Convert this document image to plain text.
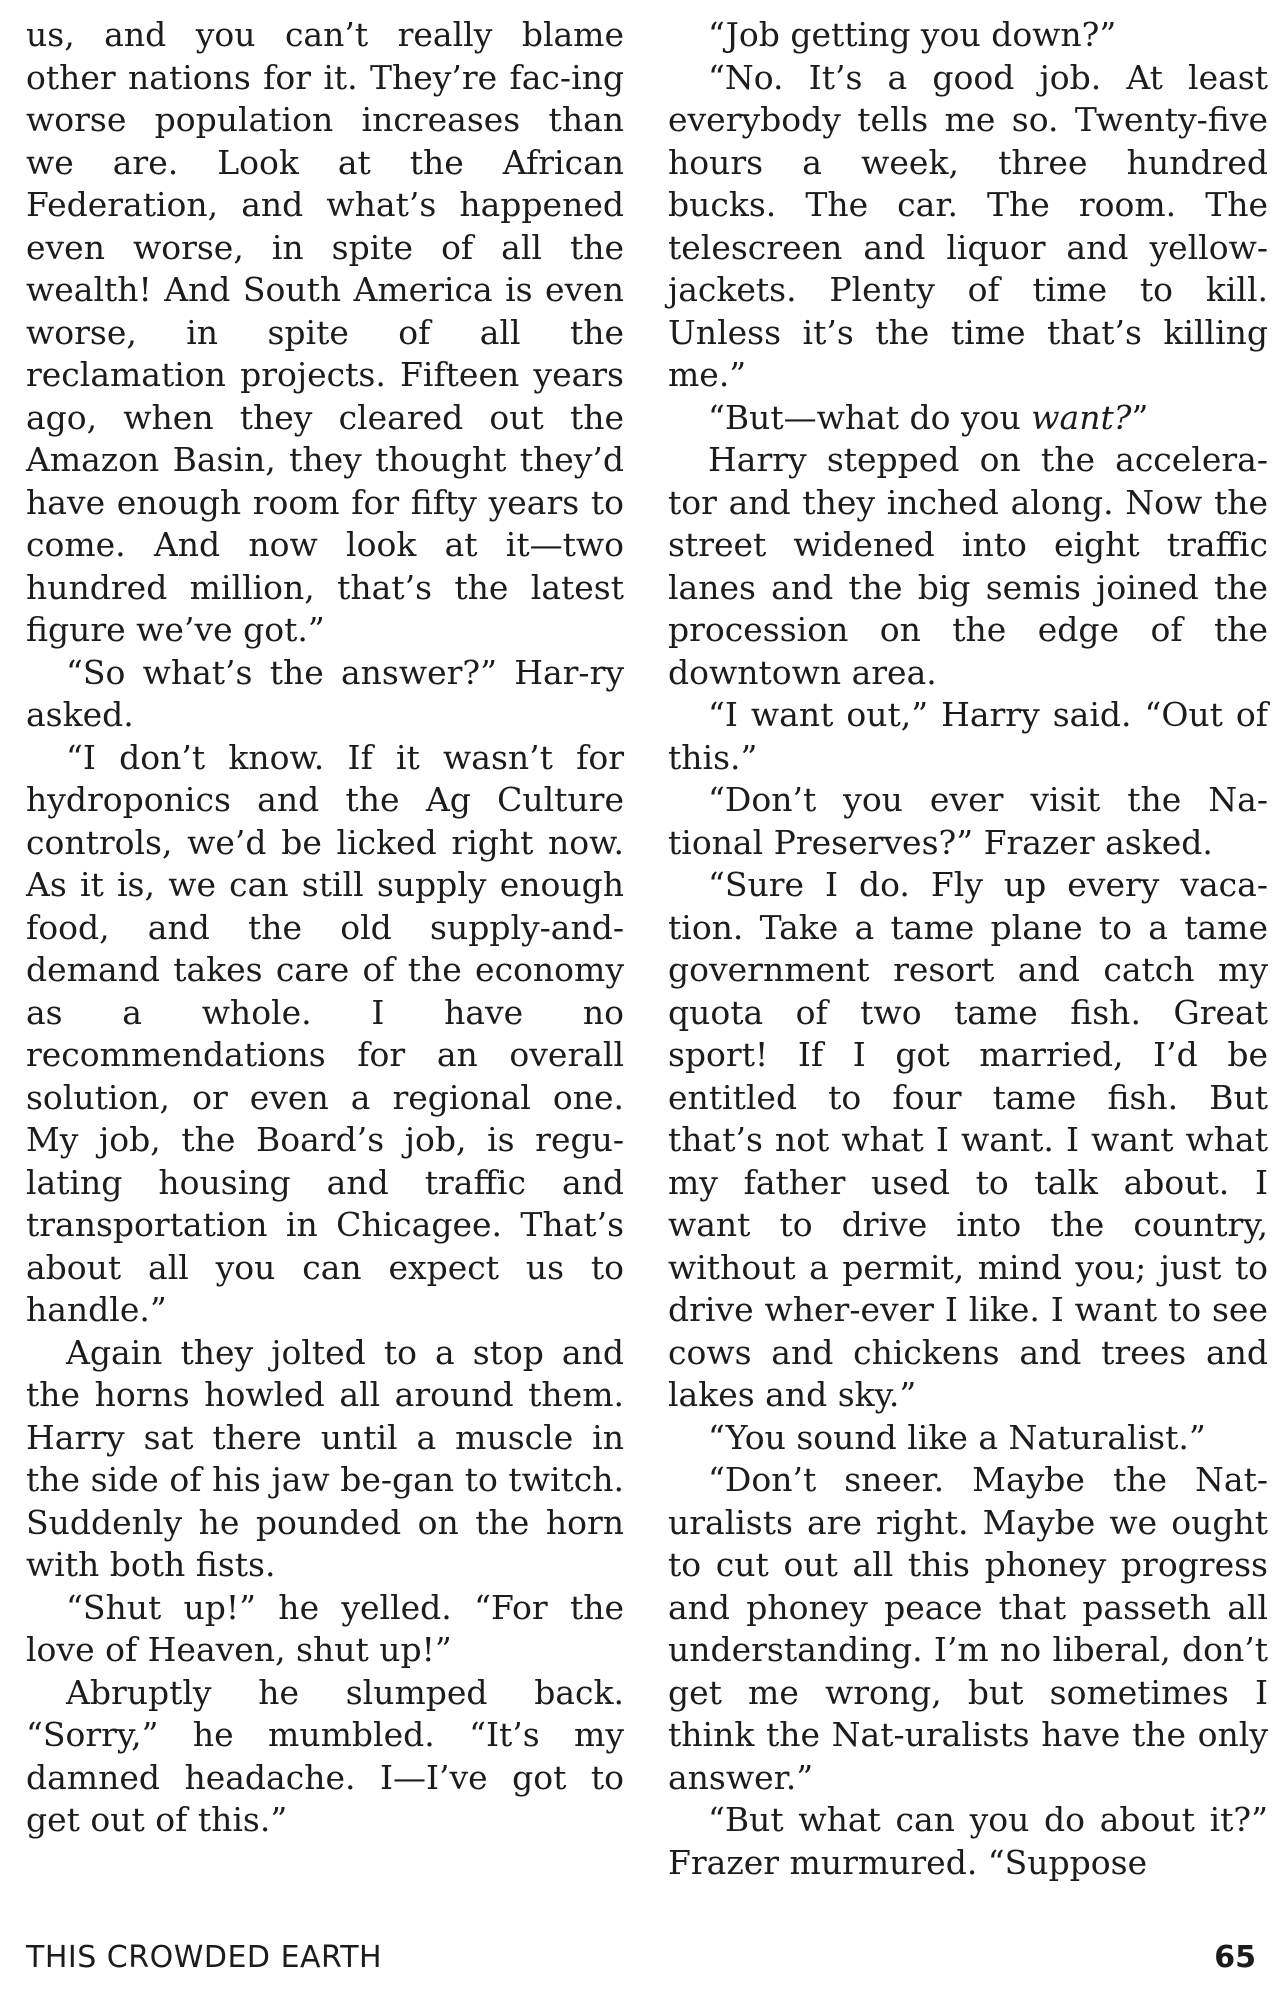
us, and you can’t really blame other nations for it. They’re fac-ing worse population increases than we are. Look at the African Federation, and what’s happened even worse, in spite of all the wealth! And South America is even worse, in spite of all the reclamation projects. Fifteen years ago, when they cleared out the Amazon Basin, they thought they’d have enough room for fifty years to come. And now look at it—two hundred million, that’s the latest figure we’ve got.”

“So what’s the answer?” Har-ry asked.

“I don’t know. If it wasn’t for hydroponics and the Ag Culture controls, we’d be licked right now. As it is, we can still supply enough food, and the old supply-and-demand takes care of the economy as a whole. I have no recommendations for an overall solution, or even a regional one. My job, the Board’s job, is regu-lating housing and traffic and transportation in Chicagee. That’s about all you can expect us to handle.”

Again they jolted to a stop and the horns howled all around them. Harry sat there until a muscle in the side of his jaw be-gan to twitch. Suddenly he pounded on the horn with both fists.

“Shut up!” he yelled. “For the love of Heaven, shut up!”

Abruptly he slumped back. “Sorry,” he mumbled. “It’s my damned headache. I—I’ve got to get out of this.”

“Job getting you down?”

“No. It’s a good job. At least everybody tells me so. Twenty-five hours a week, three hundred bucks. The car. The room. The telescreen and liquor and yellow-jackets. Plenty of time to kill. Unless it’s the time that’s killing me.”

“But—what do you want?”

Harry stepped on the accelera-tor and they inched along. Now the street widened into eight traffic lanes and the big semis joined the procession on the edge of the downtown area.

“I want out,” Harry said. “Out of this.”

“Don’t you ever visit the Na-tional Preserves?” Frazer asked.

“Sure I do. Fly up every vaca-tion. Take a tame plane to a tame government resort and catch my quota of two tame fish. Great sport! If I got married, I’d be entitled to four tame fish. But that’s not what I want. I want what my father used to talk about. I want to drive into the country, without a permit, mind you; just to drive wher-ever I like. I want to see cows and chickens and trees and lakes and sky.”

“You sound like a Naturalist.”

“Don’t sneer. Maybe the Nat-uralists are right. Maybe we ought to cut out all this phoney progress and phoney peace that passeth all understanding. I’m no liberal, don’t get me wrong, but sometimes I think the Nat-uralists have the only answer.”

“But what can you do about it?” Frazer murmured. “Suppose

THIS CROWDED EARTH	65
